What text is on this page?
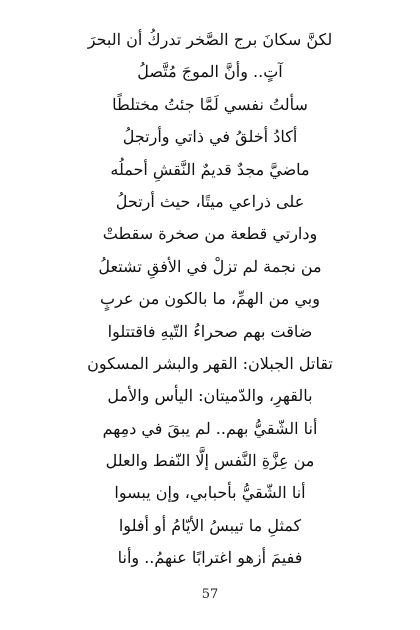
لكنَّ سكانَ برج الصَّخر تدركُ أن البحرَ
آتٍ.. وأنَّ الموجَ مُتَّصلُ
سألتُ نفسي لَمَّا جئتُ مختلطًا
أكادُ أخلقُ في ذاتي وأرتجلُ
ماضيَّ مجدٌ قديمٌ النَّقشِ أحملُه
على ذراعي ميتًا، حيث أرتحلُ
ودارتي قطعة من صخرة سقطتْ
من نجمة لم تزلْ في الأفقِ تشتعلُ
وبي من الهمِّ، ما بالكون من عربٍ
ضاقت بهم صحراءُ التّيهِ فاقتتلوا
تقاتل الجبلان: القهر والبشر المسكون
بالقهرِ، والدّميتان: اليأس والأمل
أنا الشّقيُّ بهم.. لم يبقَ في دمِهم
من عِزَّةِ النَّفس إلَّا النّفط والعلل
أنا الشّقيُّ بأحبابي، وإن يبسوا
كمثلِ ما تيبسُ الأيّامُ أو أفلوا
ففيمَ أزهو اغترابًا عنهمُ.. وأنا
57
